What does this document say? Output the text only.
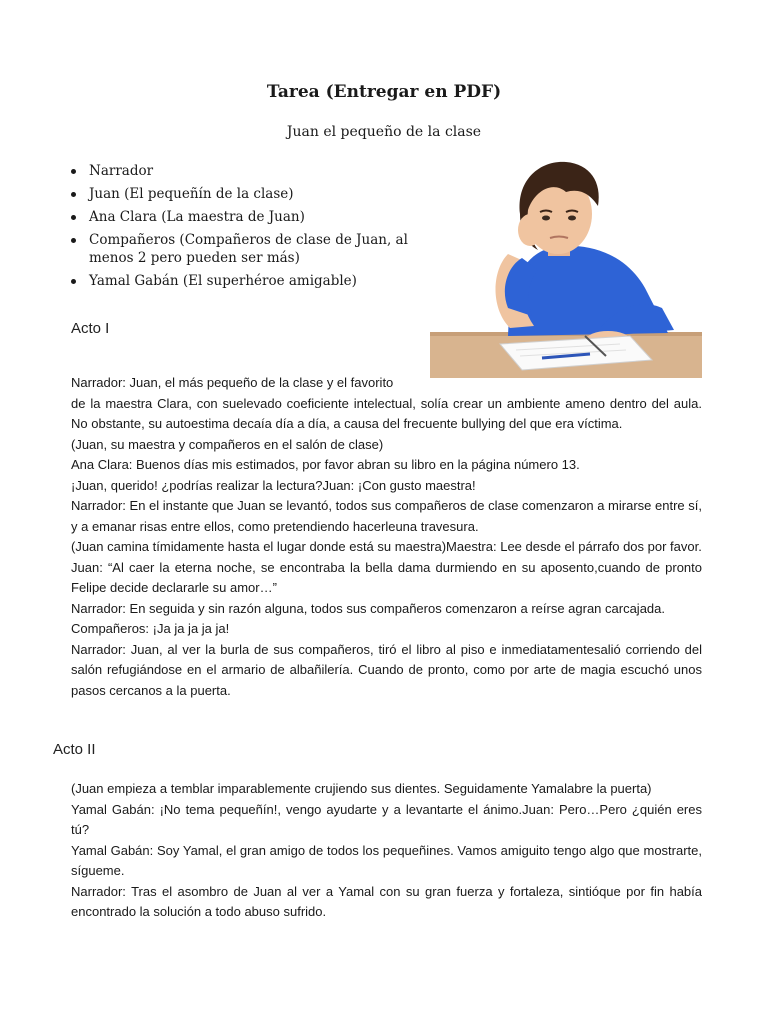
Tarea (Entregar en PDF)
Juan el pequeño de la clase
Narrador
Juan (El pequeñín de la clase)
Ana Clara (La maestra de Juan)
Compañeros (Compañeros de clase de Juan, al menos 2 pero pueden ser más)
Yamal Gabán (El superhéroe amigable)
Acto I

Narrador: Juan, el más pequeño de la clase y el favorito

de la maestra Clara, con suelevado coeficiente intelectual, solía crear un ambiente ameno dentro del aula. No obstante, su autoestima decaía día a día, a causa del frecuente bullying del que era víctima.

(Juan, su maestra y compañeros en el salón de clase)

Ana Clara: Buenos días mis estimados, por favor abran su libro en la página número 13.

¡Juan, querido! ¿podrías realizar la lectura?Juan: ¡Con gusto maestra!

Narrador: En el instante que Juan se levantó, todos sus compañeros de clase comenzaron a mirarse entre sí, y a emanar risas entre ellos, como pretendiendo hacerleuna travesura.

(Juan camina tímidamente hasta el lugar donde está su maestra)Maestra: Lee desde el párrafo dos por favor.

Juan: “Al caer la eterna noche, se encontraba la bella dama durmiendo en su aposento,cuando de pronto Felipe decide declararle su amor…”

Narrador: En seguida y sin razón alguna, todos sus compañeros comenzaron a reírse agran carcajada.

Compañeros: ¡Ja ja ja ja ja!

Narrador: Juan, al ver la burla de sus compañeros, tiró el libro al piso e inmediatamentesalió corriendo del salón refugiándose en el armario de albañilería. Cuando de pronto, como por arte de magia escuchó unos pasos cercanos a la puerta.

Acto II

(Juan empieza a temblar imparablemente crujiendo sus dientes. Seguidamente Yamalabre la puerta)

Yamal Gabán: ¡No tema pequeñín!, vengo ayudarte y a levantarte el ánimo.Juan: Pero…Pero ¿quién eres tú?

Yamal Gabán: Soy Yamal, el gran amigo de todos los pequeñines. Vamos amiguito tengo algo que mostrarte, sígueme.

Narrador: Tras el asombro de Juan al ver a Yamal con su gran fuerza y fortaleza, sintióque por fin había encontrado la solución a todo abuso sufrido.
